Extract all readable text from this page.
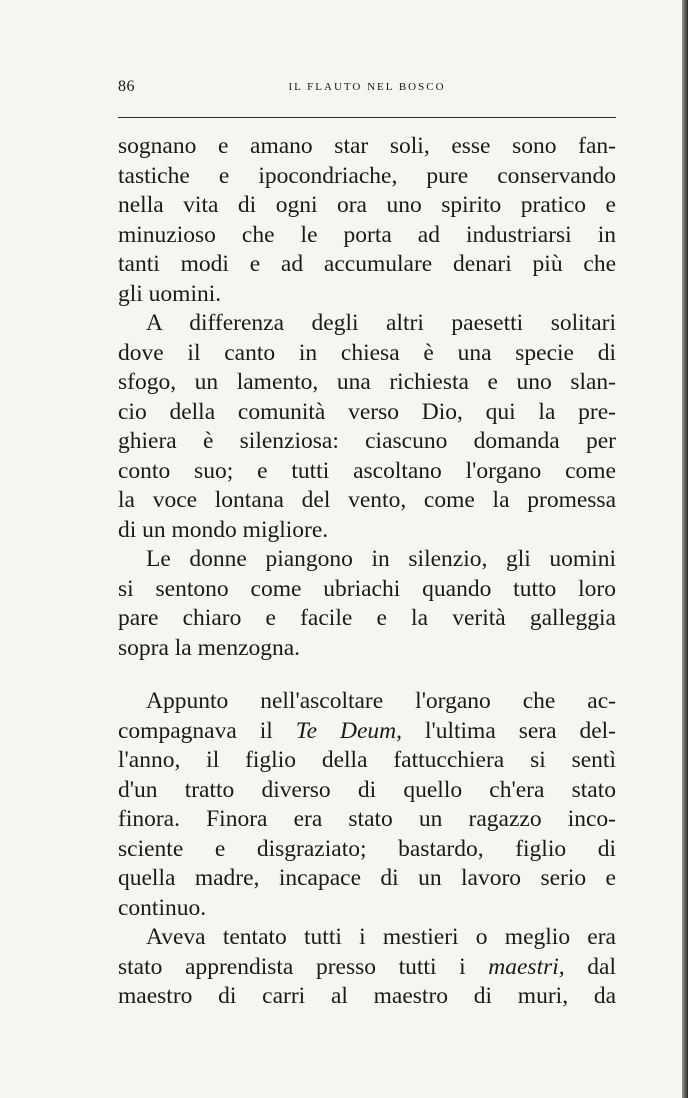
86	IL FLAUTO NEL BOSCO
sognano e amano star soli, esse sono fan-
tastiche e ipocondriache, pure conservando
nella vita di ogni ora uno spirito pratico e
minuzioso che le porta ad industriarsi in
tanti modi e ad accumulare denari più che
gli uomini.
A differenza degli altri paesetti solitari
dove il canto in chiesa è una specie di
sfogo, un lamento, una richiesta e uno slan-
cio della comunità verso Dio, qui la pre-
ghiera è silenziosa: ciascuno domanda per
conto suo; e tutti ascoltano l'organo come
la voce lontana del vento, come la promessa
di un mondo migliore.
Le donne piangono in silenzio, gli uomini
si sentono come ubriachi quando tutto loro
pare chiaro e facile e la verità galleggia
sopra la menzogna.
Appunto nell'ascoltare l'organo che ac-
compagnava il Te Deum, l'ultima sera del-
l'anno, il figlio della fattucchiera si sentì
d'un tratto diverso di quello ch'era stato
finora. Finora era stato un ragazzo inco-
sciente e disgraziato; bastardo, figlio di
quella madre, incapace di un lavoro serio e
continuo.
Aveva tentato tutti i mestieri o meglio era
stato apprendista presso tutti i maestri, dal
maestro di carri al maestro di muri, da
